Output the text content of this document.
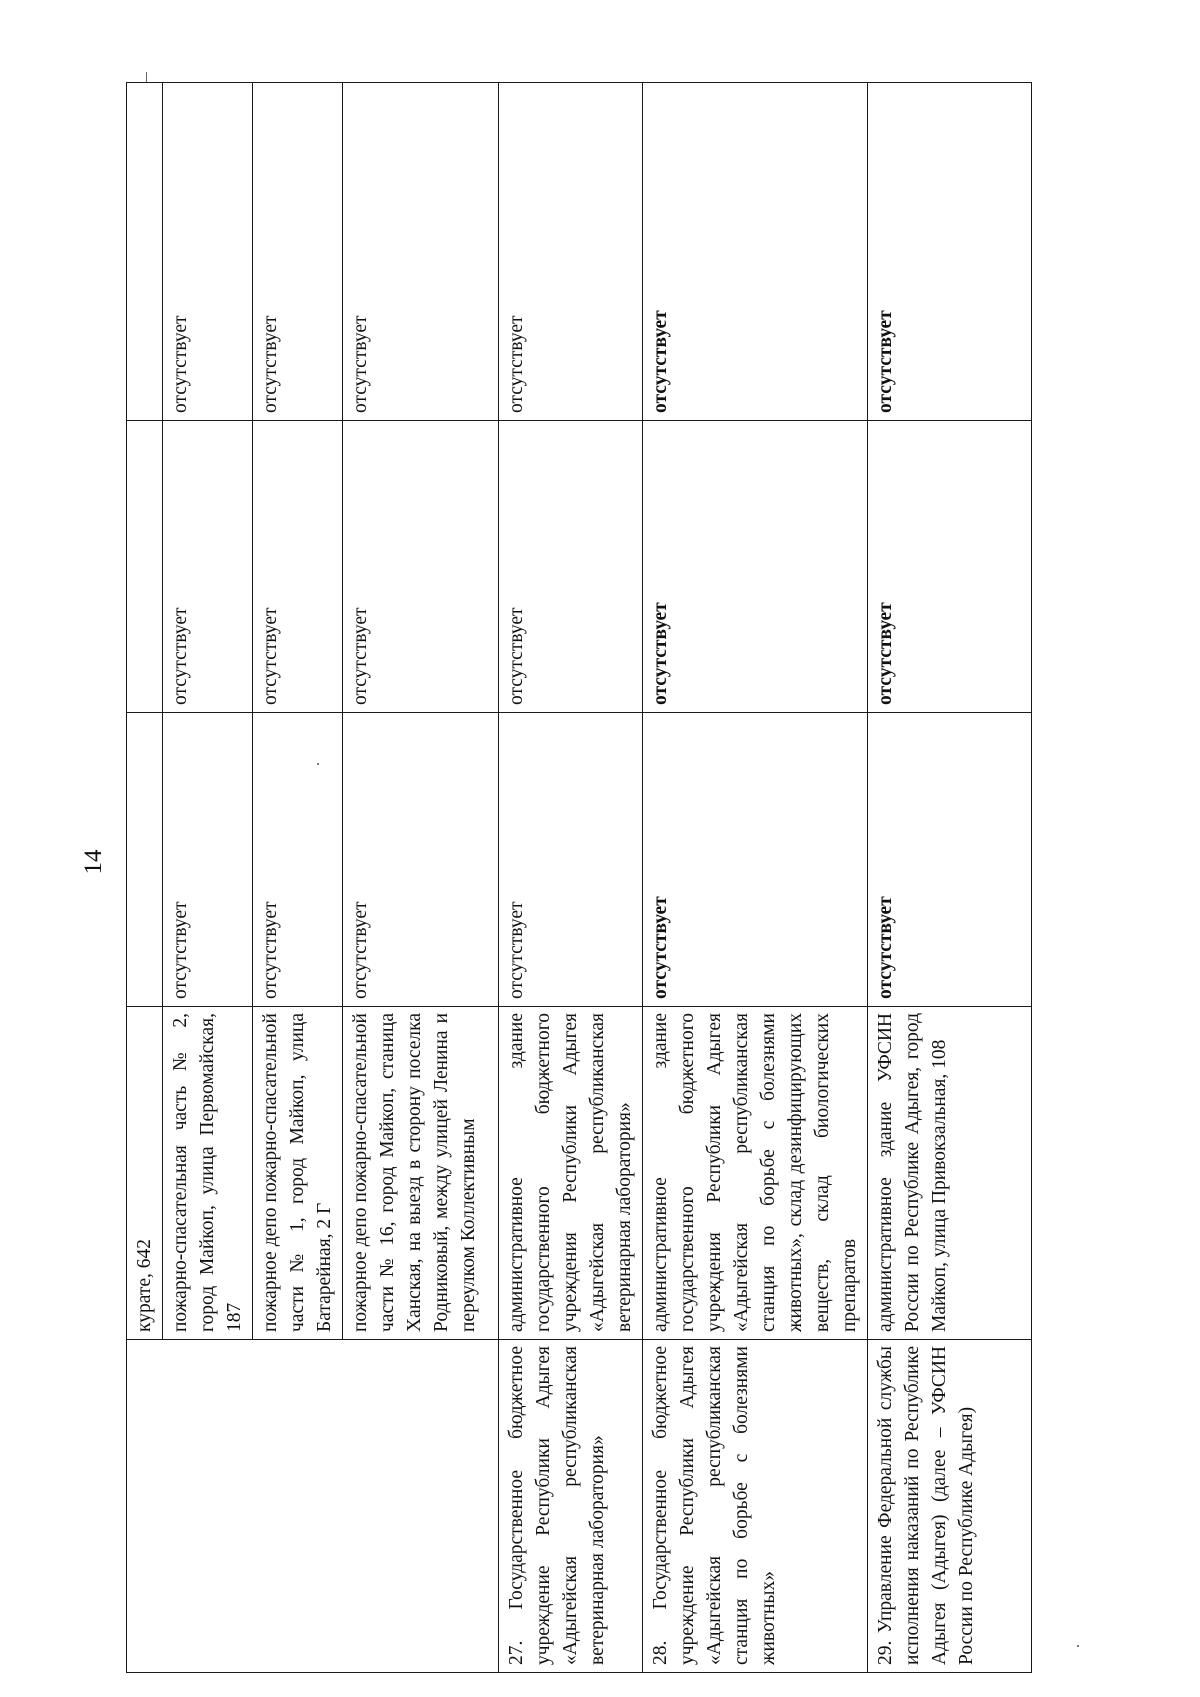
14
	курате, 642			
	пожарно-спасательная часть № 2, город Майкоп, улица Первомайская, 187	отсутствует	отсутствует	отсутствует
	пожарное депо пожарно-спасательной части № 1, город Майкоп, улица Батарейная, 2 Г	отсутствует	отсутствует	отсутствует
	пожарное депо пожарно-спасательной части № 16, город Майкоп, станица Ханская, на выезд в сторону поселка Родниковый, между улицей Ленина и переулком Коллективным	отсутствует	отсутствует	отсутствует
27. Государственное бюджетное учреждение Республики Адыгея «Адыгейская республиканская ветеринарная лаборатория»	административное здание государственного бюджетного учреждения Республики Адыгея «Адыгейская республиканская ветеринарная лаборатория»	отсутствует	отсутствует	отсутствует
28. Государственное бюджетное учреждение Республики Адыгея «Адыгейская республиканская станция по борьбе с болезнями животных»	административное здание государственного бюджетного учреждения Республики Адыгея «Адыгейская республиканская станция по борьбе с болезнями животных», склад дезинфицирующих веществ, склад биологических препаратов	отсутствует	отсутствует	отсутствует
29. Управление Федеральной службы исполнения наказаний по Республике Адыгея (Адыгея) (далее – УФСИН России по Республике Адыгея)	административное здание УФСИН России по Республике Адыгея, город Майкоп, улица Привокзальная, 108	отсутствует	отсутствует	отсутствует
